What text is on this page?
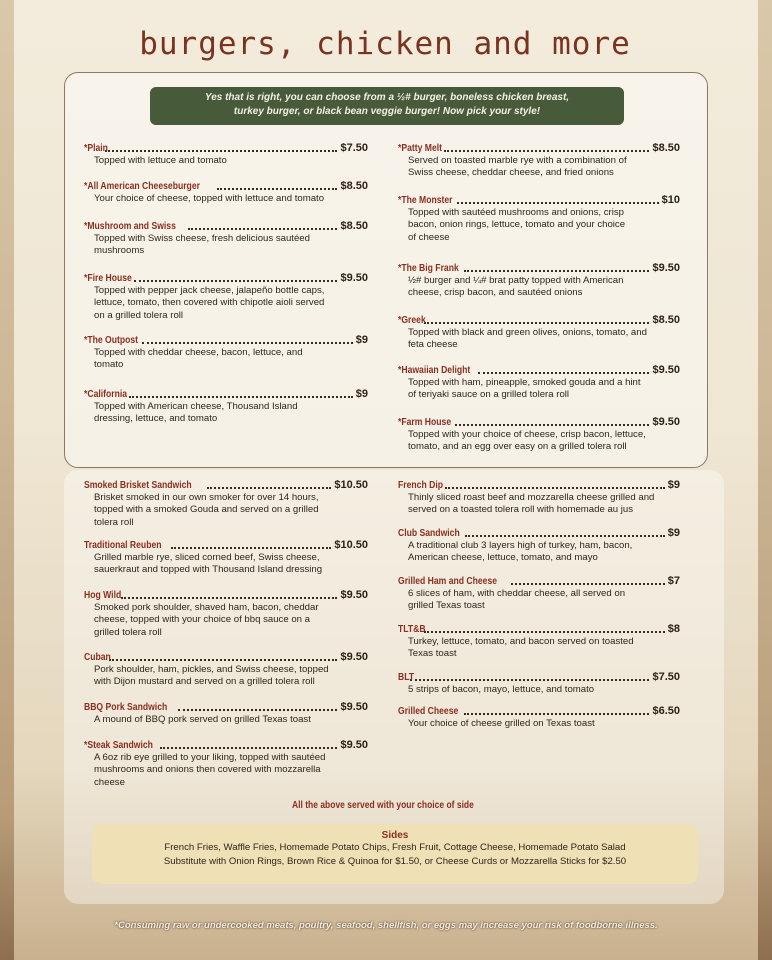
burgers, chicken and more
Yes that is right, you can choose from a ½# burger, boneless chicken breast,
turkey burger, or black bean veggie burger! Now pick your style!
*Plain	$7.50
Topped with lettuce and tomato
*All American Cheeseburger	$8.50
Your choice of cheese, topped with lettuce and tomato
*Mushroom and Swiss	$8.50
Topped with Swiss cheese, fresh delicious sautéed
mushrooms
*Fire House	$9.50
Topped with pepper jack cheese, jalapeño bottle caps,
lettuce, tomato, then covered with chipotle aioli served
on a grilled tolera roll
*The Outpost	$9
Topped with cheddar cheese, bacon, lettuce, and
tomato
*California	$9
Topped with American cheese, Thousand Island
dressing, lettuce, and tomato
*Patty Melt	$8.50
Served on toasted marble rye with a combination of
Swiss cheese, cheddar cheese, and fried onions
*The Monster	$10
Topped with sautéed mushrooms and onions, crisp
bacon, onion rings, lettuce, tomato and your choice
of cheese
*The Big Frank	$9.50
½# burger and ¼# brat patty topped with American
cheese, crisp bacon, and sautéed onions
*Greek	$8.50
Topped with black and green olives, onions, tomato, and
feta cheese
*Hawaiian Delight	$9.50
Topped with ham, pineapple, smoked gouda and a hint
of teriyaki sauce on a grilled tolera roll
*Farm House	$9.50
Topped with your choice of cheese, crisp bacon, lettuce,
tomato, and an egg over easy on a grilled tolera roll
Smoked Brisket Sandwich	$10.50
Brisket smoked in our own smoker for over 14 hours,
topped with a smoked Gouda and served on a grilled
tolera roll
Traditional Reuben	$10.50
Grilled marble rye, sliced corned beef, Swiss cheese,
sauerkraut and topped with Thousand Island dressing
Hog Wild	$9.50
Smoked pork shoulder, shaved ham, bacon, cheddar
cheese, topped with your choice of bbq sauce on a
grilled tolera roll
Cuban	$9.50
Pork shoulder, ham, pickles, and Swiss cheese, topped
with Dijon mustard and served on a grilled tolera roll
BBQ Pork Sandwich	$9.50
A mound of BBQ pork served on grilled Texas toast
*Steak Sandwich	$9.50
A 6oz rib eye grilled to your liking, topped with sautéed
mushrooms and onions then covered with mozzarella
cheese
French Dip	$9
Thinly sliced roast beef and mozzarella cheese grilled and
served on a toasted tolera roll with homemade au jus
Club Sandwich	$9
A traditional club 3 layers high of turkey, ham, bacon,
American cheese, lettuce, tomato, and mayo
Grilled Ham and Cheese	$7
6 slices of ham, with cheddar cheese, all served on
grilled Texas toast
TLT&B	$8
Turkey, lettuce, tomato, and bacon served on toasted
Texas toast
BLT	$7.50
5 strips of bacon, mayo, lettuce, and tomato
Grilled Cheese	$6.50
Your choice of cheese grilled on Texas toast
All the above served with your choice of side
Sides
French Fries, Waffle Fries, Homemade Potato Chips, Fresh Fruit, Cottage Cheese, Homemade Potato Salad
Substitute with Onion Rings, Brown Rice & Quinoa for $1.50, or Cheese Curds or Mozzarella Sticks for $2.50
*Consuming raw or undercooked meats, poultry, seafood, shellfish, or eggs may increase your risk of foodborne illness.
